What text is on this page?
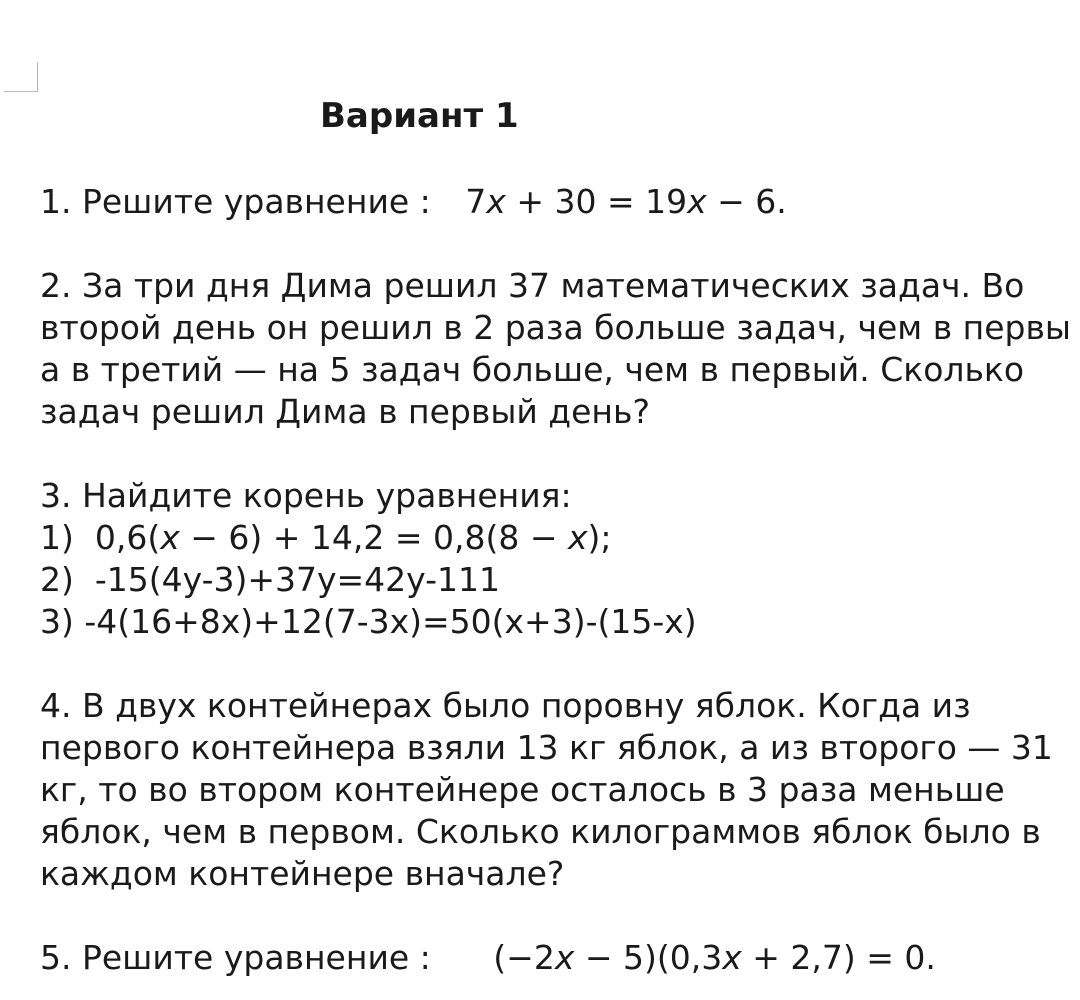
Вариант 1
1. Решите уравнение : 7x + 30 = 19x − 6.
2. За три дня Дима решил 37 математических задач. Во
второй день он решил в 2 раза больше задач, чем в первы
а в третий — на 5 задач больше, чем в первый. Сколько
задач решил Дима в первый день?
3. Найдите корень уравнения:
1)  0,6(x − 6) + 14,2 = 0,8(8 − x);
2)  -15(4y-3)+37y=42y-111
3) -4(16+8x)+12(7-3x)=50(x+3)-(15-x)
4. В двух контейнерах было поровну яблок. Когда из
первого контейнера взяли 13 кг яблок, а из второго — 31
кг, то во втором контейнере осталось в 3 раза меньше
яблок, чем в первом. Сколько килограммов яблок было в
каждом контейнере вначале?
5. Решите уравнение : (−2x − 5)(0,3x + 2,7) = 0.
